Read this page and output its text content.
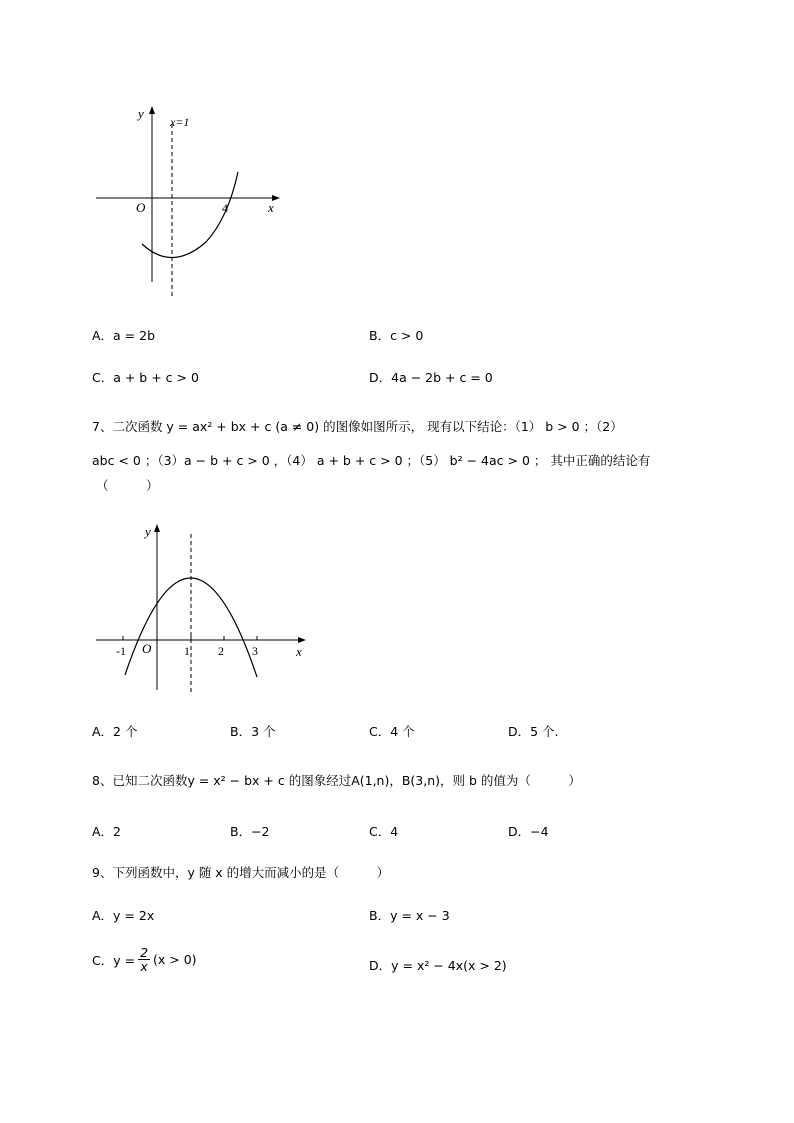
y
x
O	4
x=1
A．a = 2b	B．c > 0
C．a + b + c > 0	D．4a − 2b + c = 0
7、二次函数 y = ax² + bx + c (a ≠ 0) 的图像如图所示， 现有以下结论：（1） b > 0 ；（2）
abc < 0 ；（3）a − b + c > 0 ，（4） a + b + c > 0 ；（5） b² − 4ac > 0 ； 其中正确的结论有
（　　　）
y
x
O
-1	1 2 3
A．2 个	B．3 个	C．4 个	D．5 个.
8、已知二次函数y = x² − bx + c 的图象经过A(1,n)，B(3,n)，则 b 的值为（　　　）
A．2	B．−2	C．4	D．−4
9、下列函数中，y 随 x 的增大而减小的是（　　　）
A．y = 2x	B．y = x − 3
C．$y = \frac{2}{x} (x > 0)$	D．y = x² − 4x(x > 2)
